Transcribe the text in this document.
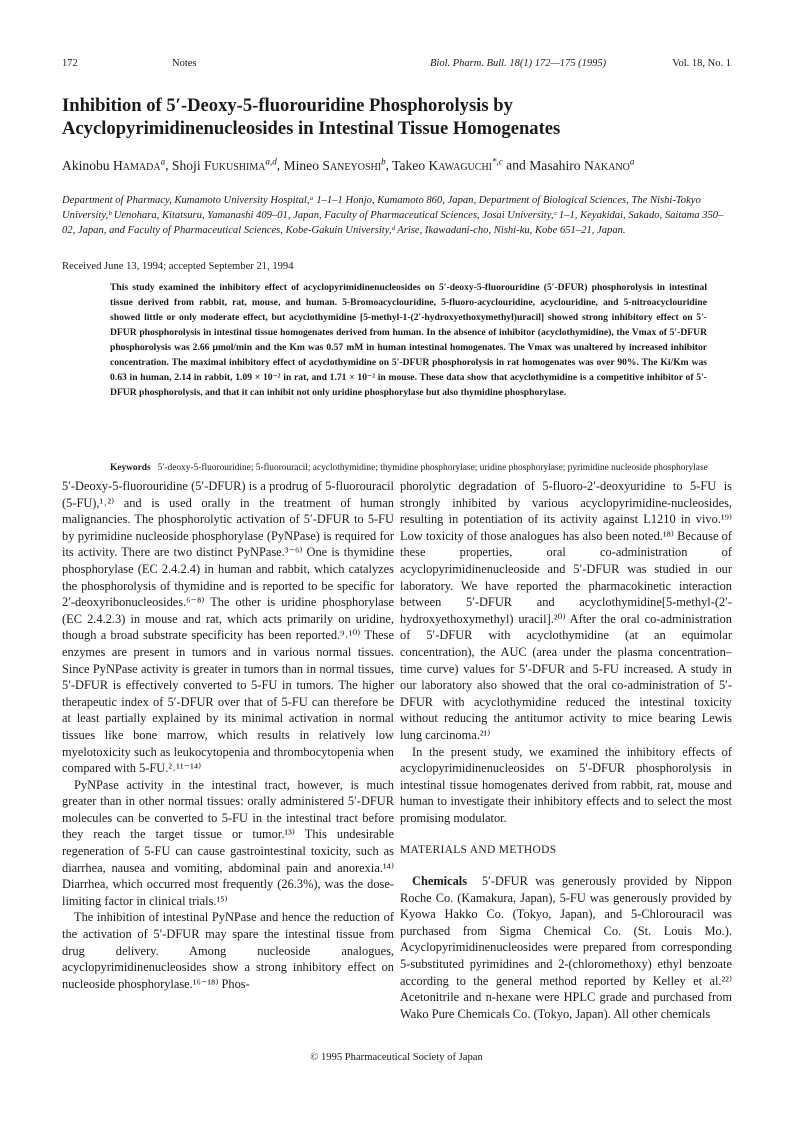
172	Notes	Biol. Pharm. Bull. 18(1) 172—175 (1995)	Vol. 18, No. 1
Inhibition of 5′-Deoxy-5-fluorouridine Phosphorolysis by Acyclopyrimidinenucleosides in Intestinal Tissue Homogenates
Akinobu Hamada$^a$, Shoji Fukushima$^{a,d}$, Mineo Saneyoshi$^b$, Takeo Kawaguchi$^{*,c}$ and Masahiro Nakano$^a$
Department of Pharmacy, Kumamoto University Hospital,ᵃ 1–1–1 Honjo, Kumamoto 860, Japan, Department of Biological Sciences, The Nishi-Tokyo University,ᵇ Uenohara, Kitatsuru, Yamanashi 409–01, Japan, Faculty of Pharmaceutical Sciences, Josai University,ᶜ 1–1, Keyakidai, Sakado, Saitama 350–02, Japan, and Faculty of Pharmaceutical Sciences, Kobe-Gakuin University,ᵈ Arise, Ikawadani-cho, Nishi-ku, Kobe 651–21, Japan.
Received June 13, 1994; accepted September 21, 1994
This study examined the inhibitory effect of acyclopyrimidinenucleosides on 5′-deoxy-5-fluorouridine (5′-DFUR) phosphorolysis in intestinal tissue derived from rabbit, rat, mouse, and human. 5-Bromoacyclouridine, 5-fluoro-acyclouridine, acyclouridine, and 5-nitroacyclouridine showed little or only moderate effect, but acyclothymidine [5-methyl-1-(2′-hydroxyethoxymethyl)uracil] showed strong inhibitory effect on 5′-DFUR phosphorolysis in intestinal tissue homogenates derived from human. In the absence of inhibitor (acyclothymidine), the Vmax of 5′-DFUR phosphorolysis was 2.66 μmol/min and the Km was 0.57 mM in human intestinal homogenates. The Vmax was unaltered by increased inhibitor concentration. The maximal inhibitory effect of acyclothymidine on 5′-DFUR phosphorolysis in rat homogenates was over 90%. The Ki/Km was 0.63 in human, 2.14 in rabbit, 1.09 × 10⁻² in rat, and 1.71 × 10⁻² in mouse. These data show that acyclothymidine is a competitive inhibitor of 5′-DFUR phosphorolysis, and that it can inhibit not only uridine phosphorylase but also thymidine phosphorylase.
Keywords 5′-deoxy-5-fluorouridine; 5-fluorouracil; acyclothymidine; thymidine phosphorylase; uridine phosphorylase; pyrimidine nucleoside phosphorylase

5′-Deoxy-5-fluorouridine (5′-DFUR) is a prodrug of 5-fluorouracil (5-FU),¹˒²⁾ and is used orally in the treatment of human malignancies. The phosphorolytic activation of 5′-DFUR to 5-FU by pyrimidine nucleoside phosphorylase (PyNPase) is required for its activity. There are two distinct PyNPase.³⁻⁶⁾ One is thymidine phosphorylase (EC 2.4.2.4) in human and rabbit, which catalyzes the phosphorolysis of thymidine and is reported to be specific for 2′-deoxyribonucleosides.⁶⁻⁸⁾ The other is uridine phosphorylase (EC 2.4.2.3) in mouse and rat, which acts primarily on uridine, though a broad substrate specificity has been reported.⁹˒¹⁰⁾ These enzymes are present in tumors and in various normal tissues. Since PyNPase activity is greater in tumors than in normal tissues, 5′-DFUR is effectively converted to 5-FU in tumors. The higher therapeutic index of 5′-DFUR over that of 5-FU can therefore be at least partially explained by its minimal activation in normal tissues like bone marrow, which results in relatively low myelotoxicity such as leukocytopenia and thrombocytopenia when compared with 5-FU.²˒¹¹⁻¹⁴⁾

PyNPase activity in the intestinal tract, however, is much greater than in other normal tissues: orally administered 5′-DFUR molecules can be converted to 5-FU in the intestinal tract before they reach the target tissue or tumor.¹³⁾ This undesirable regeneration of 5-FU can cause gastrointestinal toxicity, such as diarrhea, nausea and vomiting, abdominal pain and anorexia.¹⁴⁾ Diarrhea, which occurred most frequently (26.3%), was the dose-limiting factor in clinical trials.¹⁵⁾

The inhibition of intestinal PyNPase and hence the reduction of the activation of 5′-DFUR may spare the intestinal tissue from drug delivery. Among nucleoside analogues, acyclopyrimidinenucleosides show a strong inhibitory effect on nucleoside phosphorylase.¹⁶⁻¹⁸⁾ Phos-

phorolytic degradation of 5-fluoro-2′-deoxyuridine to 5-FU is strongly inhibited by various acyclopyrimidine-nucleosides, resulting in potentiation of its activity against L1210 in vivo.¹⁹⁾ Low toxicity of those analogues has also been noted.¹⁸⁾ Because of these properties, oral co-administration of acyclopyrimidinenucleoside and 5′-DFUR was studied in our laboratory. We have reported the pharmacokinetic interaction between 5′-DFUR and acyclothymidine[5-methyl-(2′-hydroxyethoxymethyl) uracil].²⁰⁾ After the oral co-administration of 5′-DFUR with acyclothymidine (at an equimolar concentration), the AUC (area under the plasma concentration–time curve) values for 5′-DFUR and 5-FU increased. A study in our laboratory also showed that the oral co-administration of 5′-DFUR with acyclothymidine reduced the intestinal toxicity without reducing the antitumor activity to mice bearing Lewis lung carcinoma.²¹⁾

In the present study, we examined the inhibitory effects of acyclopyrimidinenucleosides on 5′-DFUR phosphorolysis in intestinal tissue homogenates derived from rabbit, rat, mouse and human to investigate their inhibitory effects and to select the most promising modulator.

MATERIALS AND METHODS

Chemicals 5′-DFUR was generously provided by Nippon Roche Co. (Kamakura, Japan), 5-FU was generously provided by Kyowa Hakko Co. (Tokyo, Japan), and 5-Chlorouracil was purchased from Sigma Chemical Co. (St. Louis Mo.). Acyclopyrimidinenucleosides were prepared from corresponding 5-substituted pyrimidines and 2-(chloromethoxy) ethyl benzoate according to the general method reported by Kelley et al.²²⁾ Acetonitrile and n-hexane were HPLC grade and purchased from Wako Pure Chemicals Co. (Tokyo, Japan). All other chemicals

© 1995 Pharmaceutical Society of Japan
